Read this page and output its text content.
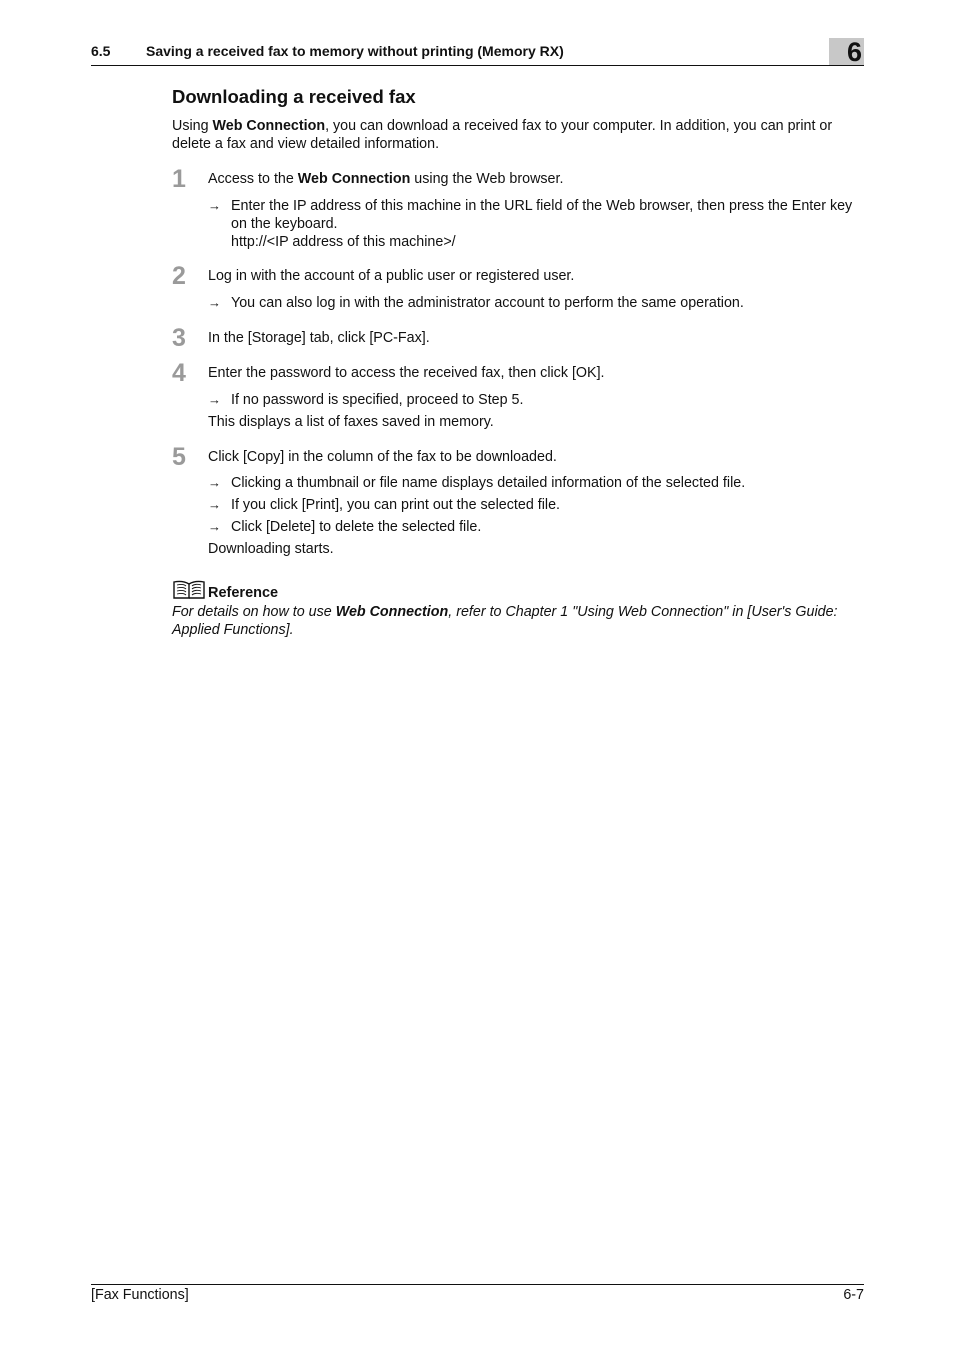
6.5	Saving a received fax to memory without printing (Memory RX)	6
Downloading a received fax
Using Web Connection, you can download a received fax to your computer. In addition, you can print or delete a fax and view detailed information.
1	Access to the Web Connection using the Web browser.
→ Enter the IP address of this machine in the URL field of the Web browser, then press the Enter key on the keyboard.
http://<IP address of this machine>/
2	Log in with the account of a public user or registered user.
→ You can also log in with the administrator account to perform the same operation.
3	In the [Storage] tab, click [PC-Fax].
4	Enter the password to access the received fax, then click [OK].
→ If no password is specified, proceed to Step 5.
This displays a list of faxes saved in memory.
5	Click [Copy] in the column of the fax to be downloaded.
→ Clicking a thumbnail or file name displays detailed information of the selected file.
→ If you click [Print], you can print out the selected file.
→ Click [Delete] to delete the selected file.
Downloading starts.
Reference
For details on how to use Web Connection, refer to Chapter 1 "Using Web Connection" in [User's Guide: Applied Functions].
[Fax Functions]	6-7
